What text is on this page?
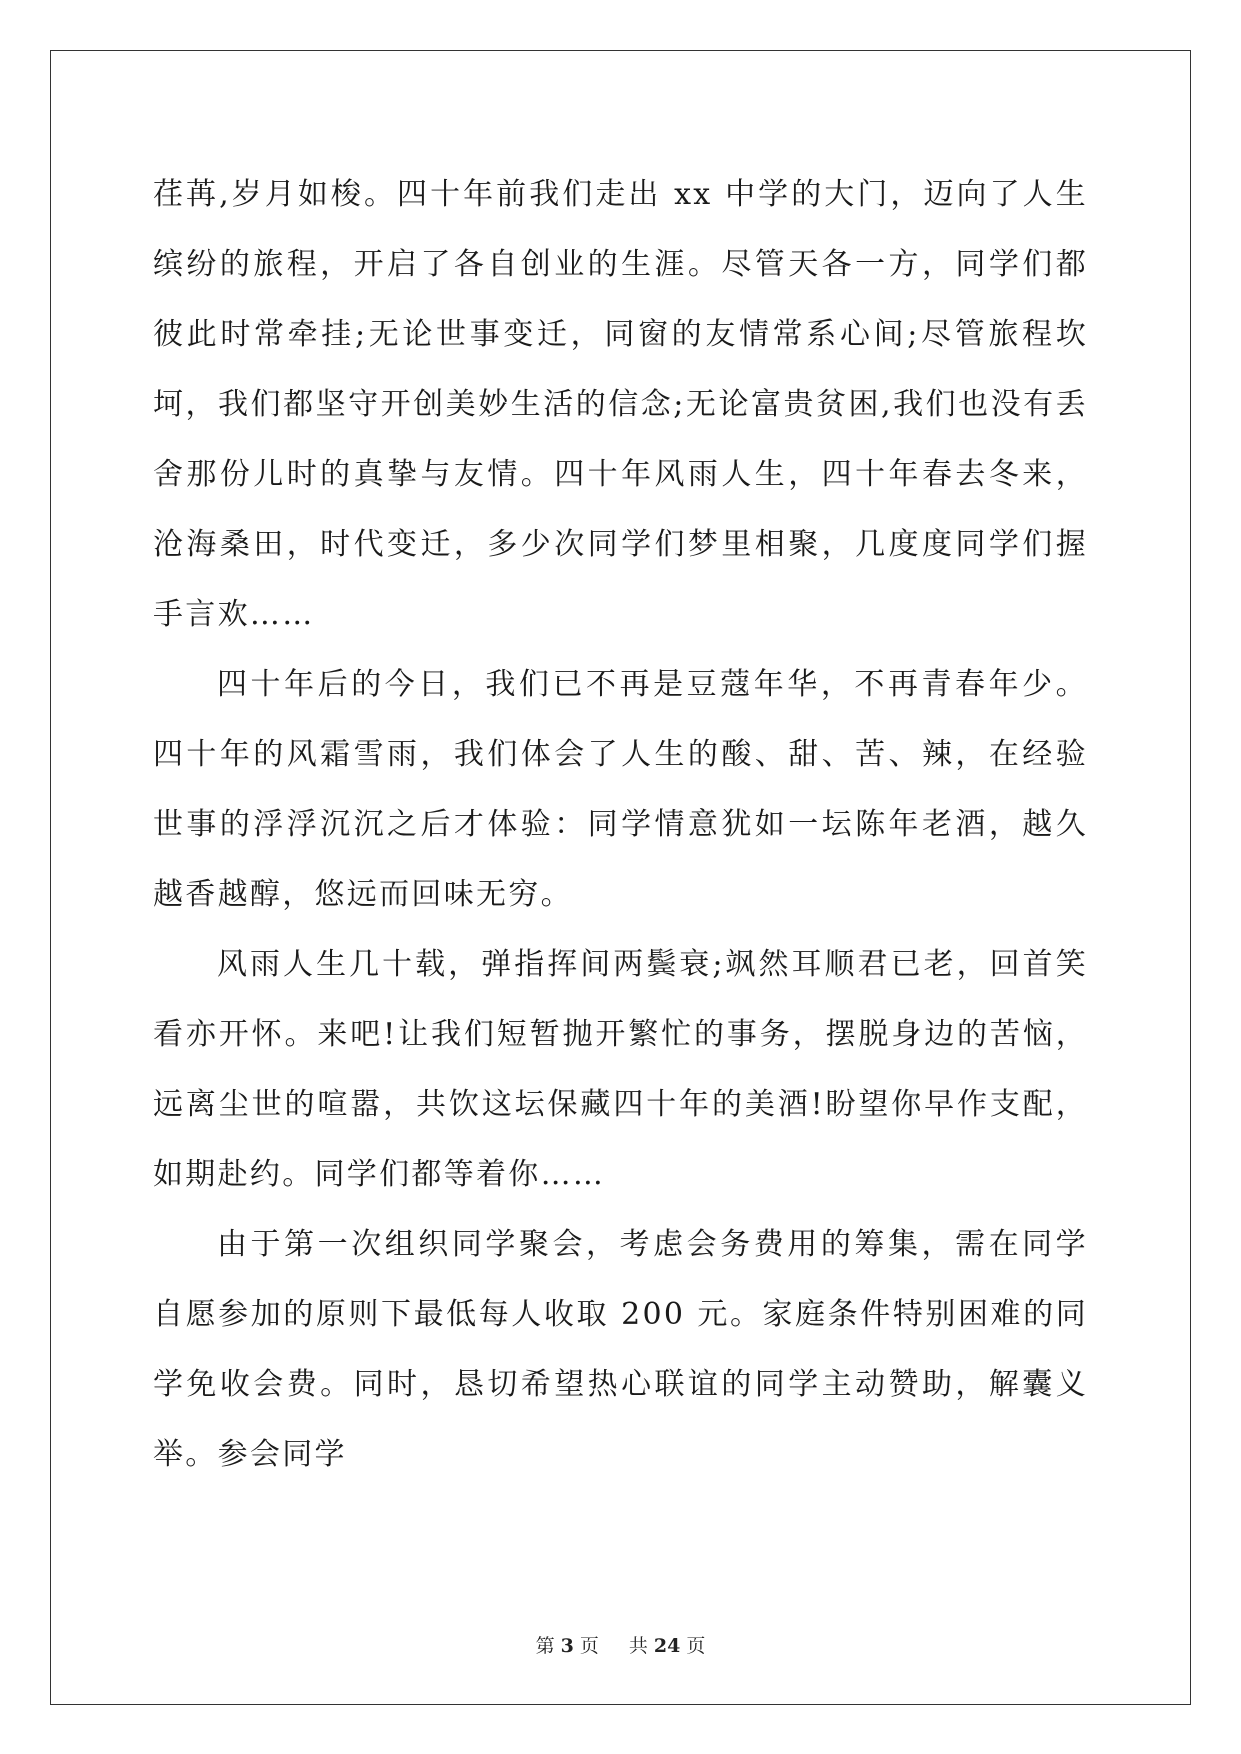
荏苒,岁月如梭。四十年前我们走出 xx 中学的大门，迈向了人生缤纷的旅程，开启了各自创业的生涯。尽管天各一方，同学们都彼此时常牵挂;无论世事变迁，同窗的友情常系心间;尽管旅程坎坷，我们都坚守开创美妙生活的信念;无论富贵贫困,我们也没有丢舍那份儿时的真挚与友情。四十年风雨人生，四十年春去冬来，沧海桑田，时代变迁，多少次同学们梦里相聚，几度度同学们握手言欢……

四十年后的今日，我们已不再是豆蔻年华，不再青春年少。四十年的风霜雪雨，我们体会了人生的酸、甜、苦、辣，在经验世事的浮浮沉沉之后才体验：同学情意犹如一坛陈年老酒，越久越香越醇，悠远而回味无穷。

风雨人生几十载，弹指挥间两鬓衰;飒然耳顺君已老，回首笑看亦开怀。来吧!让我们短暂抛开繁忙的事务，摆脱身边的苦恼，远离尘世的喧嚣，共饮这坛保藏四十年的美酒!盼望你早作支配，如期赴约。同学们都等着你……

由于第一次组织同学聚会，考虑会务费用的筹集，需在同学自愿参加的原则下最低每人收取 200 元。家庭条件特别困难的同学免收会费。同时，恳切希望热心联谊的同学主动赞助，解囊义举。参会同学

第 3 页 共 24 页
